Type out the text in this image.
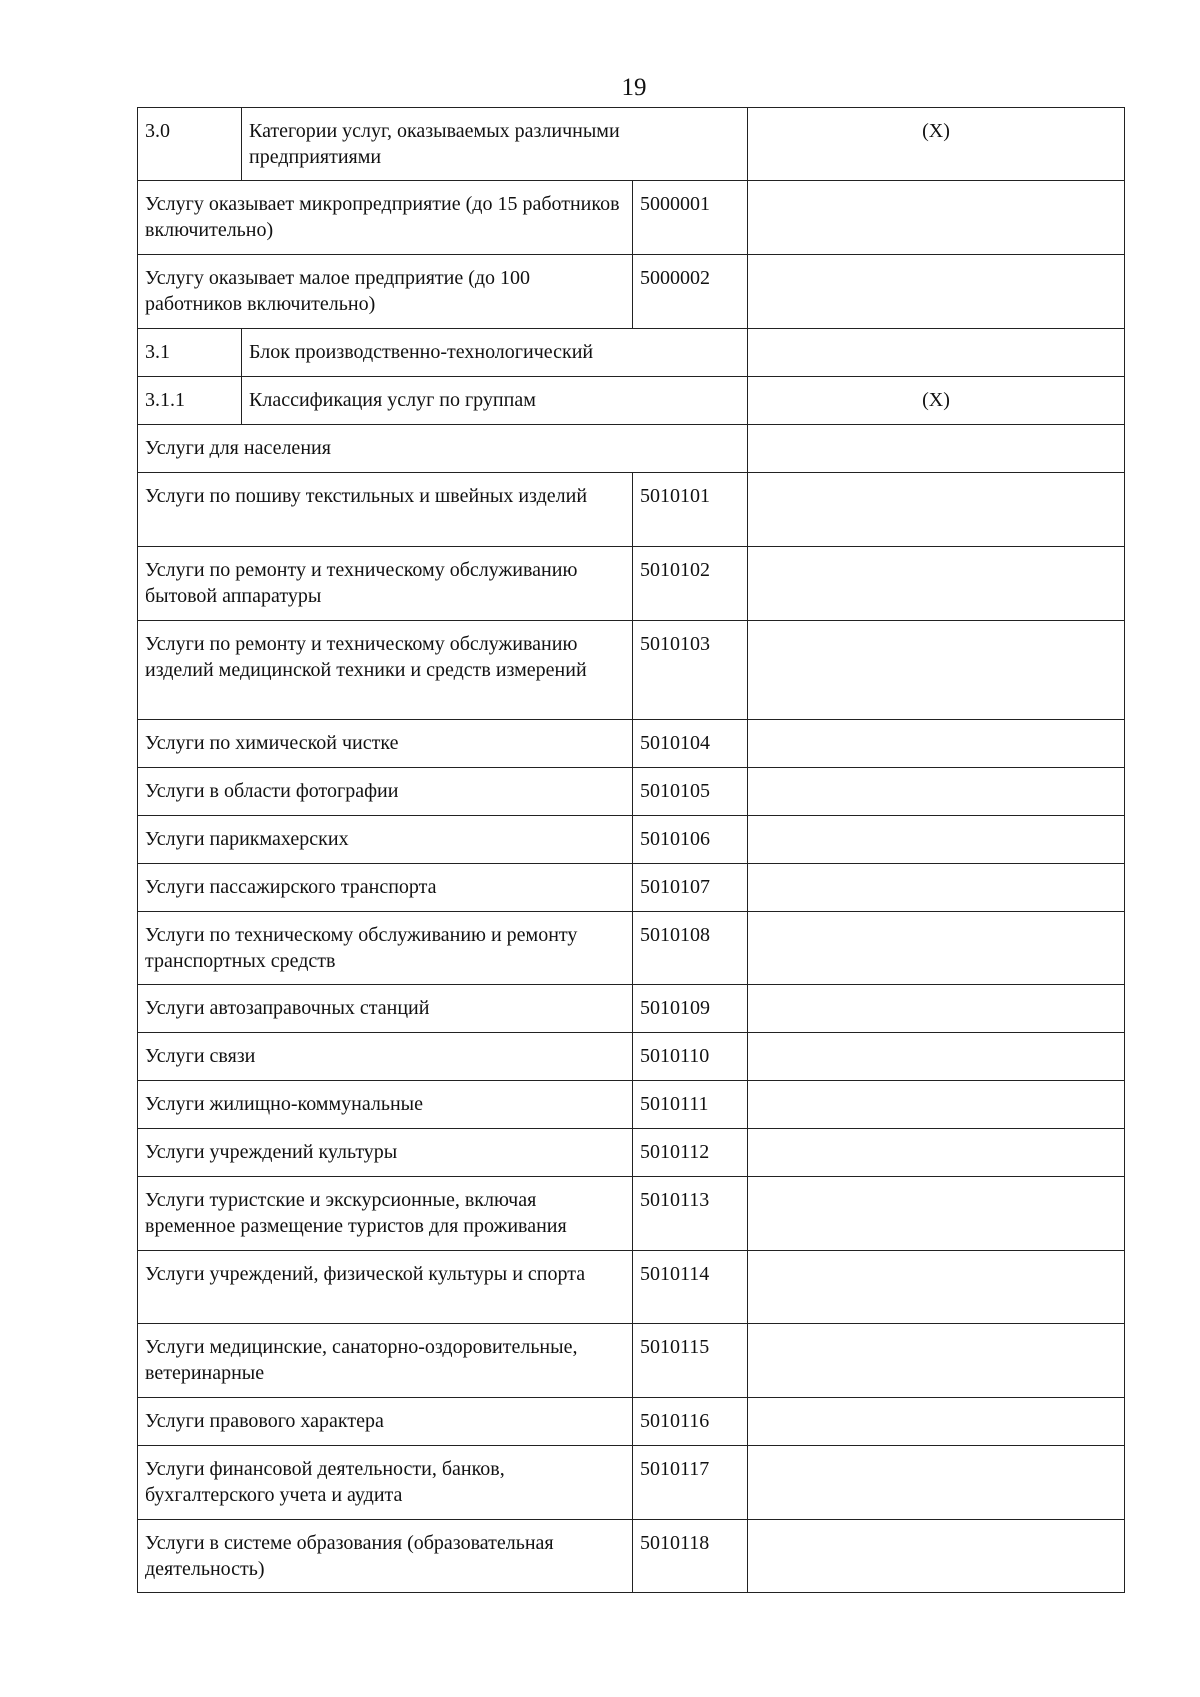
19
3.0	Категории услуг, оказываемых различными предприятиями		(X)
Услугу оказывает микропредприятие (до 15 работников включительно)		5000001	
Услугу оказывает малое предприятие (до 100 работников включительно)		5000002	
3.1	Блок производственно-технологический		
3.1.1	Классификация услуг по группам		(X)
Услуги для населения			
Услуги по пошиву текстильных и швейных изделий		5010101	
Услуги по ремонту и техническому обслуживанию бытовой аппаратуры		5010102	
Услуги по ремонту и техническому обслуживанию изделий медицинской техники и средств измерений		5010103	
Услуги по химической чистке		5010104	
Услуги в области фотографии		5010105	
Услуги парикмахерских		5010106	
Услуги пассажирского транспорта		5010107	
Услуги по техническому обслуживанию и ремонту транспортных средств		5010108	
Услуги автозаправочных станций		5010109	
Услуги связи		5010110	
Услуги жилищно-коммунальные		5010111	
Услуги учреждений культуры		5010112	
Услуги туристские и экскурсионные, включая временное размещение туристов для проживания		5010113	
Услуги учреждений, физической культуры и спорта		5010114	
Услуги медицинские, санаторно-оздоровительные, ветеринарные		5010115	
Услуги правового характера		5010116	
Услуги финансовой деятельности, банков, бухгалтерского учета и аудита		5010117	
Услуги в системе образования (образовательная деятельность)		5010118	
